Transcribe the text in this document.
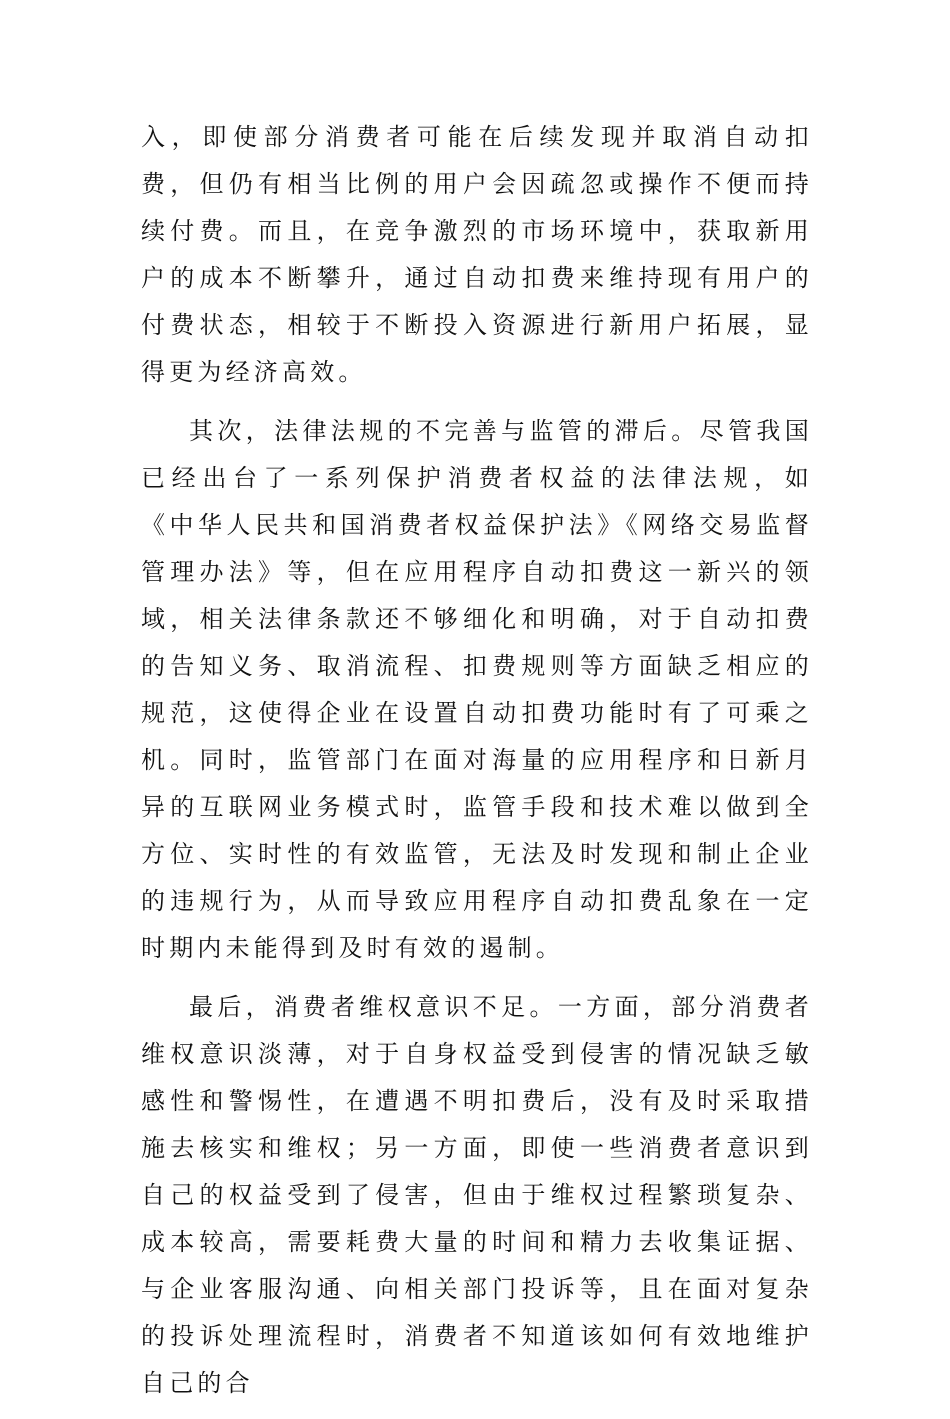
入，即使部分消费者可能在后续发现并取消自动扣费，但仍有相当比例的用户会因疏忽或操作不便而持续付费。而且，在竞争激烈的市场环境中，获取新用户的成本不断攀升，通过自动扣费来维持现有用户的付费状态，相较于不断投入资源进行新用户拓展，显得更为经济高效。

其次，法律法规的不完善与监管的滞后。尽管我国已经出台了一系列保护消费者权益的法律法规，如《中华人民共和国消费者权益保护法》《网络交易监督管理办法》等，但在应用程序自动扣费这一新兴的领域，相关法律条款还不够细化和明确，对于自动扣费的告知义务、取消流程、扣费规则等方面缺乏相应的规范，这使得企业在设置自动扣费功能时有了可乘之机。同时，监管部门在面对海量的应用程序和日新月异的互联网业务模式时，监管手段和技术难以做到全方位、实时性的有效监管，无法及时发现和制止企业的违规行为，从而导致应用程序自动扣费乱象在一定时期内未能得到及时有效的遏制。

最后，消费者维权意识不足。一方面，部分消费者维权意识淡薄，对于自身权益受到侵害的情况缺乏敏感性和警惕性，在遭遇不明扣费后，没有及时采取措施去核实和维权；另一方面，即使一些消费者意识到自己的权益受到了侵害，但由于维权过程繁琐复杂、成本较高，需要耗费大量的时间和精力去收集证据、与企业客服沟通、向相关部门投诉等，且在面对复杂的投诉处理流程时，消费者不知道该如何有效地维护自己的合
